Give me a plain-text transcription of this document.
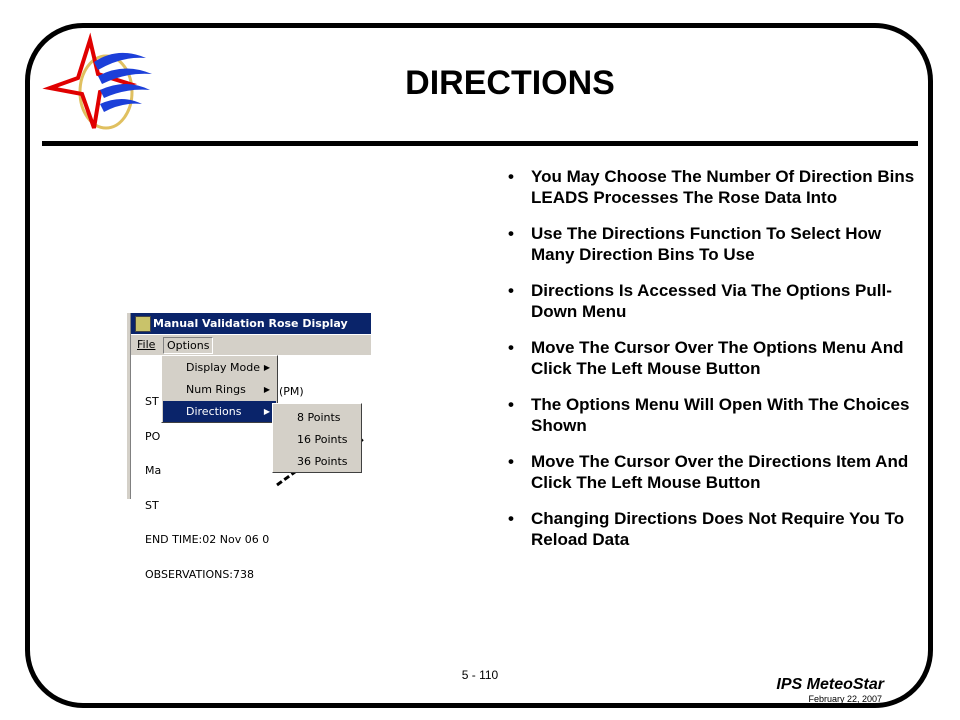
DIRECTIONS
• You May Choose The Number Of Direction Bins LEADS Processes The Rose Data Into
• Use The Directions Function To Select How Many Direction Bins To Use
• Directions Is Accessed Via The Options Pull-Down Menu
• Move The Cursor Over The Options Menu And Click The Left Mouse Button
• The Options Menu Will Open With The Choices Shown
• Move The Cursor Over the Directions Item And Click The Left Mouse Button
• Changing Directions Does Not Require You To Reload Data
Manual Validation Rose Display
File	Options

ST

PO

Ma

ST

END TIME:02 Nov 06 0

OBSERVATIONS:738

(PM)
Display Mode ▶
Num Rings ▶
Directions	▶ 8 Points
16 Points
36 Points
5 - 110
IPS MeteoStar
February 22, 2007
